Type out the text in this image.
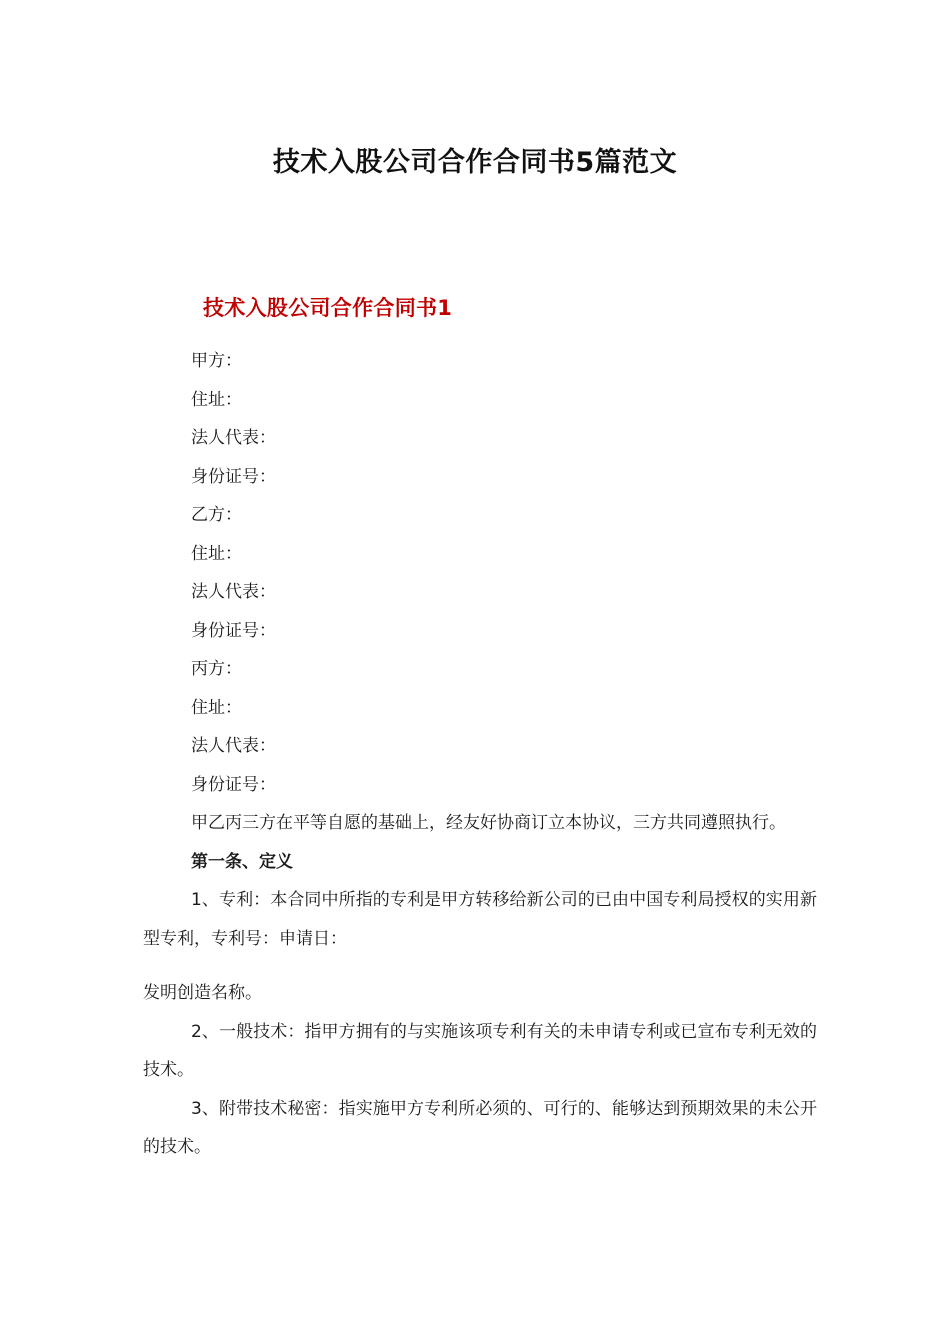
技术入股公司合作合同书5篇范文
技术入股公司合作合同书1
甲方：
住址：
法人代表：
身份证号：
乙方：
住址：
法人代表：
身份证号：
丙方：
住址：
法人代表：
身份证号：

甲乙丙三方在平等自愿的基础上，经友好协商订立本协议，三方共同遵照执行。

第一条、定义

1、专利：本合同中所指的专利是甲方转移给新公司的已由中国专利局授权的实用新型专利，专利号：申请日：

发明创造名称。

2、一般技术：指甲方拥有的与实施该项专利有关的未申请专利或已宣布专利无效的技术。

3、附带技术秘密：指实施甲方专利所必须的、可行的、能够达到预期效果的未公开的技术。
